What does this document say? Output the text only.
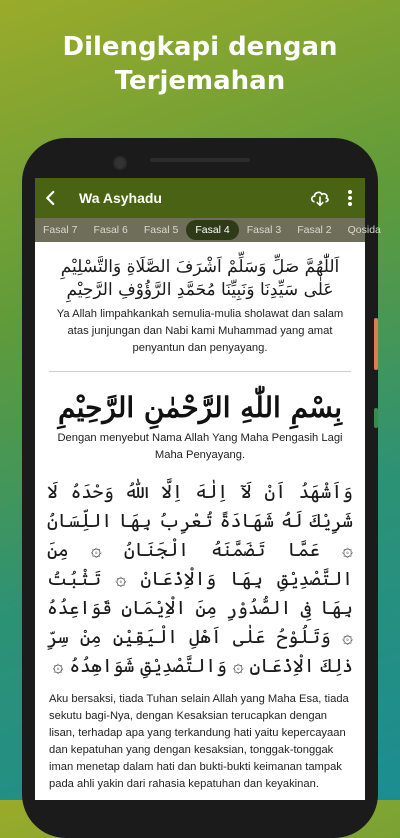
Dilengkapi dengan
Terjemahan
Wa Asyhadu
Fasal 7	Fasal 6	Fasal 5	Fasal 4	Fasal 3	Fasal 2	Qosida
اَللّٰهُمَّ صَلِّ وَسَلِّمْ اَشْرَفَ الصَّلَاةِ وَالتَّسْلِيْمِ عَلٰى سَيِّدِنَا وَنَبِيِّنَا مُحَمَّدِ الرَّؤُوْفِ الرَّحِيْمِ
Ya Allah limpahkankah semulia-mulia sholawat dan salam atas junjungan dan Nabi kami Muhammad yang amat penyantun dan penyayang.
بِسْمِ اللّٰهِ الرَّحْمٰنِ الرَّحِيْمِ
Dengan menyebut Nama Allah Yang Maha Pengasih Lagi Maha Penyayang.
وَاَشْهَدُ اَنْ لَآ اِلٰهَ اِلَّا اللّٰهُ وَحْدَهُ لَا شَرِيْكَ لَهُ شَهَادَةً تُعْرِبُ بِهَا اللِّسَانُ ۞ عَمَّا تَضَمَّنَهُ الْجَنَانُ ۞ مِنَ التَّصْدِيْقِ بِهَا وَالْاِذْعَانْ ۞ تَثْبُتُ بِهَا فِى الصُّدُوْرِ مِنَ الْاِيْمَانِ قَوَاعِدُهُ ۞ وَتَلُوْحُ عَلٰى اَهْلِ الْيَقِيْنِ مِنْ سِرِّ ذٰلِكَ الْاِذْعَانِ ۞ وَالتَّصْدِيْقِ شَوَاهِدُهُ ۞
Aku bersaksi, tiada Tuhan selain Allah yang Maha Esa, tiada sekutu bagi-Nya, dengan Kesaksian terucapkan dengan lisan, terhadap apa yang terkandung hati yaitu kepercayaan dan kepatuhan yang dengan kesaksian, tonggak-tonggak iman menetap dalam hati dan bukti-bukti keimanan tampak pada ahli yakin dari rahasia kepatuhan dan keyakinan.
